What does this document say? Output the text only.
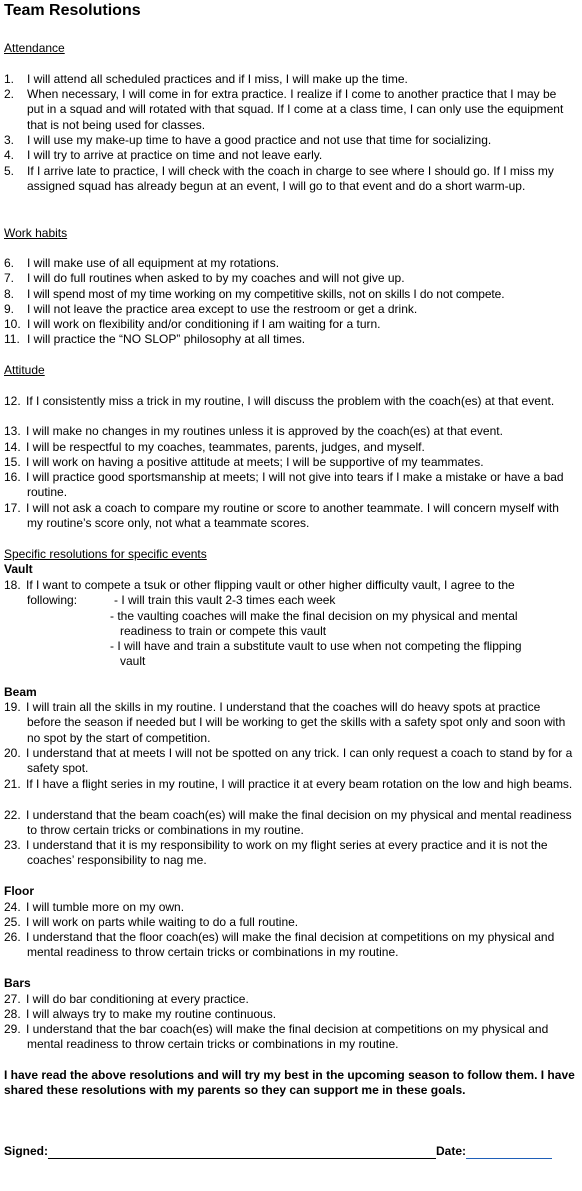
Team Resolutions
Attendance
1.	I will attend all scheduled practices and if I miss, I will make up the time.
2.	When necessary, I will come in for extra practice. I realize if I come to another practice that I may be put in a squad and will rotated with that squad. If I come at a class time, I can only use the equipment that is not being used for classes.
3.	I will use my make-up time to have a good practice and not use that time for socializing.
4.	I will try to arrive at practice on time and not leave early.
5.	If I arrive late to practice, I will check with the coach in charge to see where I should go. If I miss my assigned squad has already begun at an event, I will go to that event and do a short warm-up.
Work habits
6.	I will make use of all equipment at my rotations.
7.	I will do full routines when asked to by my coaches and will not give up.
8.	I will spend most of my time working on my competitive skills, not on skills I do not compete.
9.	I will not leave the practice area except to use the restroom or get a drink.
10. I will work on flexibility and/or conditioning if I am waiting for a turn.
11. I will practice the “NO SLOP” philosophy at all times.
Attitude
12. If I consistently miss a trick in my routine, I will discuss the problem with the coach(es) at that event.
13. I will make no changes in my routines unless it is approved by the coach(es) at that event.
14. I will be respectful to my coaches, teammates, parents, judges, and myself.
15. I will work on having a positive attitude at meets; I will be supportive of my teammates.
16. I will practice good sportsmanship at meets; I will not give into tears if I make a mistake or have a bad routine.
17. I will not ask a coach to compare my routine or score to another teammate. I will concern myself with my routine’s score only, not what a teammate scores.
Specific resolutions for specific events
Vault
18. If I want to compete a tsuk or other flipping vault or other higher difficulty vault, I agree to the
following:	- I will train this vault 2-3 times each week
- the vaulting coaches will make the final decision on my physical and mental
readiness to train or compete this vault
- I will have and train a substitute vault to use when not competing the flipping
vault
Beam
19. I will train all the skills in my routine. I understand that the coaches will do heavy spots at practice before the season if needed but I will be working to get the skills with a safety spot only and soon with no spot by the start of competition.
20. I understand that at meets I will not be spotted on any trick. I can only request a coach to stand by for a safety spot.
21. If I have a flight series in my routine, I will practice it at every beam rotation on the low and high beams.
22. I understand that the beam coach(es) will make the final decision on my physical and mental readiness to throw certain tricks or combinations in my routine.
23. I understand that it is my responsibility to work on my flight series at every practice and it is not the coaches’ responsibility to nag me.
Floor
24. I will tumble more on my own.
25. I will work on parts while waiting to do a full routine.
26. I understand that the floor coach(es) will make the final decision at competitions on my physical and mental readiness to throw certain tricks or combinations in my routine.
Bars
27. I will do bar conditioning at every practice.
28. I will always try to make my routine continuous.
29. I understand that the bar coach(es) will make the final decision at competitions on my physical and mental readiness to throw certain tricks or combinations in my routine.
I have read the above resolutions and will try my best in the upcoming season to follow them. I have shared these resolutions with my parents so they can support me in these goals.
Signed:	Date:
